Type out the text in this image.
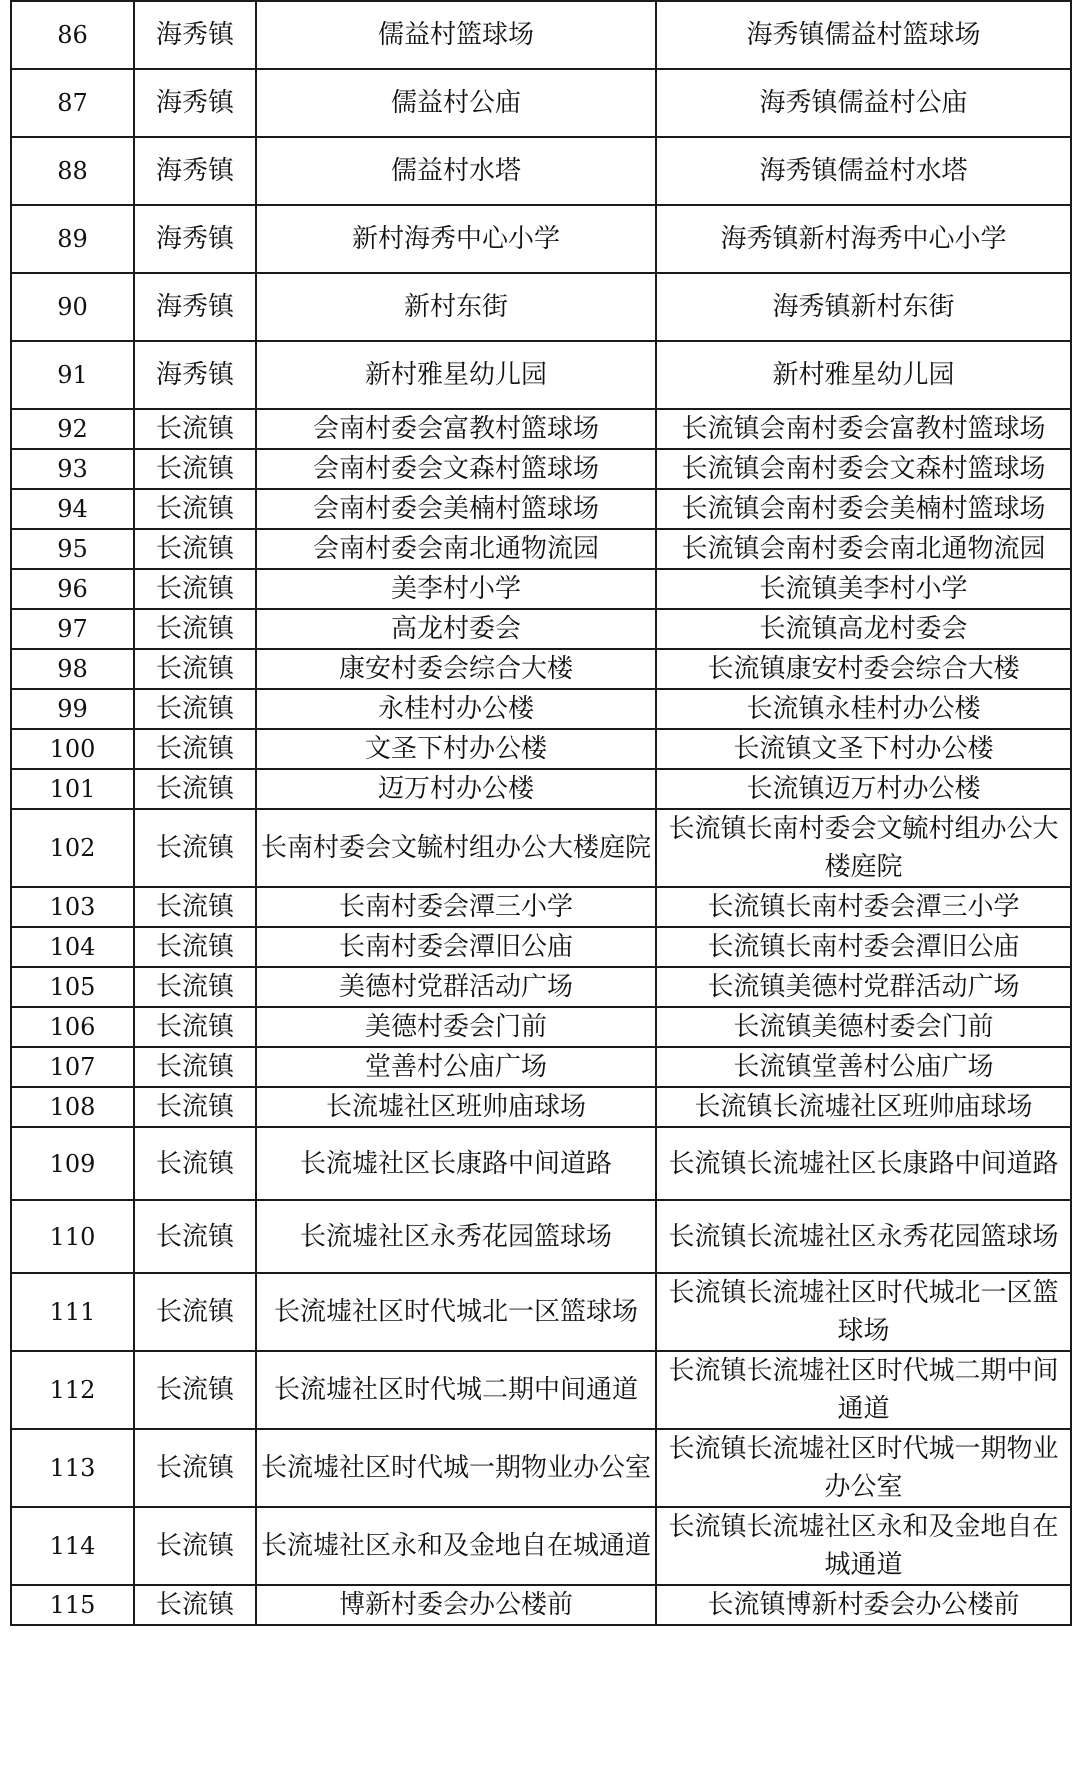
86	海秀镇	儒益村篮球场	海秀镇儒益村篮球场
87	海秀镇	儒益村公庙	海秀镇儒益村公庙
88	海秀镇	儒益村水塔	海秀镇儒益村水塔
89	海秀镇	新村海秀中心小学	海秀镇新村海秀中心小学
90	海秀镇	新村东街	海秀镇新村东街
91	海秀镇	新村雅星幼儿园	新村雅星幼儿园
92	长流镇	会南村委会富教村篮球场	长流镇会南村委会富教村篮球场
93	长流镇	会南村委会文森村篮球场	长流镇会南村委会文森村篮球场
94	长流镇	会南村委会美楠村篮球场	长流镇会南村委会美楠村篮球场
95	长流镇	会南村委会南北通物流园	长流镇会南村委会南北通物流园
96	长流镇	美李村小学	长流镇美李村小学
97	长流镇	高龙村委会	长流镇高龙村委会
98	长流镇	康安村委会综合大楼	长流镇康安村委会综合大楼
99	长流镇	永桂村办公楼	长流镇永桂村办公楼
100	长流镇	文圣下村办公楼	长流镇文圣下村办公楼
101	长流镇	迈万村办公楼	长流镇迈万村办公楼
102	长流镇	长南村委会文毓村组办公大楼庭院	长流镇长南村委会文毓村组办公大楼庭院
103	长流镇	长南村委会潭三小学	长流镇长南村委会潭三小学
104	长流镇	长南村委会潭旧公庙	长流镇长南村委会潭旧公庙
105	长流镇	美德村党群活动广场	长流镇美德村党群活动广场
106	长流镇	美德村委会门前	长流镇美德村委会门前
107	长流镇	堂善村公庙广场	长流镇堂善村公庙广场
108	长流镇	长流墟社区班帅庙球场	长流镇长流墟社区班帅庙球场
109	长流镇	长流墟社区长康路中间道路	长流镇长流墟社区长康路中间道路
110	长流镇	长流墟社区永秀花园篮球场	长流镇长流墟社区永秀花园篮球场
111	长流镇	长流墟社区时代城北一区篮球场	长流镇长流墟社区时代城北一区篮球场
112	长流镇	长流墟社区时代城二期中间通道	长流镇长流墟社区时代城二期中间通道
113	长流镇	长流墟社区时代城一期物业办公室	长流镇长流墟社区时代城一期物业办公室
114	长流镇	长流墟社区永和及金地自在城通道	长流镇长流墟社区永和及金地自在城通道
115	长流镇	博新村委会办公楼前	长流镇博新村委会办公楼前
